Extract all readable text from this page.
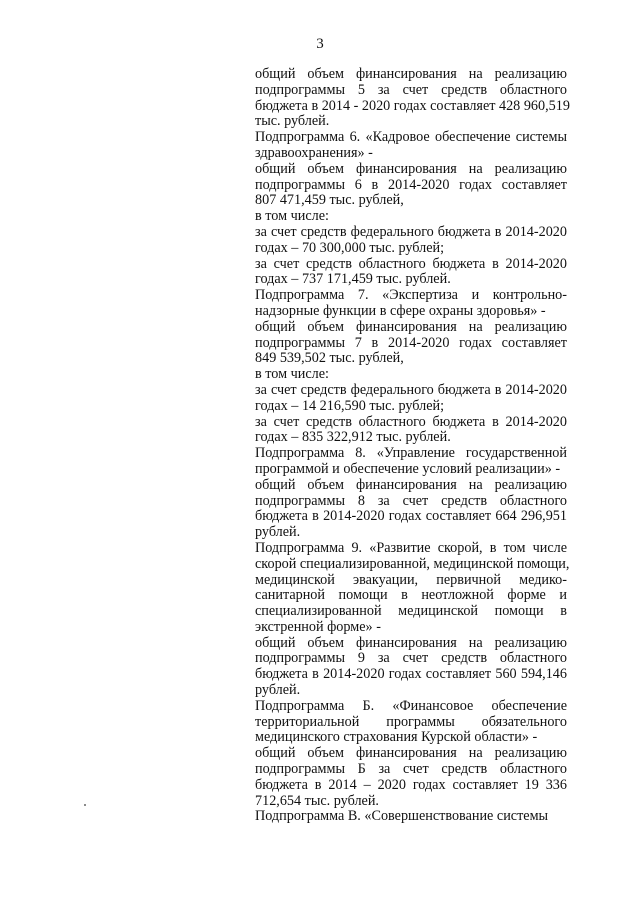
3

общий объем финансирования на реализацию
подпрограммы 5 за счет средств областного
бюджета в 2014 - 2020 годах составляет 428 960,519
тыс. рублей.

Подпрограмма 6. «Кадровое обеспечение системы
здравоохранения» -

общий объем финансирования на реализацию
подпрограммы 6 в 2014-2020 годах составляет
807 471,459 тыс. рублей,

в том числе:

за счет средств федерального бюджета в 2014-2020
годах – 70 300,000 тыс. рублей;

за счет средств областного бюджета в 2014-2020
годах – 737 171,459 тыс. рублей.

Подпрограмма 7. «Экспертиза и контрольно-
надзорные функции в сфере охраны здоровья» -

общий объем финансирования на реализацию
подпрограммы 7 в 2014-2020 годах составляет
849 539,502 тыс. рублей,

в том числе:

за счет средств федерального бюджета в 2014-2020
годах – 14 216,590 тыс. рублей;

за счет средств областного бюджета в 2014-2020
годах – 835 322,912 тыс. рублей.

Подпрограмма 8. «Управление государственной
программой и обеспечение условий реализации» -

общий объем финансирования на реализацию
подпрограммы 8 за счет средств областного
бюджета в 2014-2020 годах составляет 664 296,951
рублей.

Подпрограмма 9. «Развитие скорой, в том числе
скорой специализированной, медицинской помощи,
медицинской эвакуации, первичной медико-
санитарной помощи в неотложной форме и
специализированной медицинской помощи в
экстренной форме» -

общий объем финансирования на реализацию
подпрограммы 9 за счет средств областного
бюджета в 2014-2020 годах составляет 560 594,146
рублей.

Подпрограмма Б. «Финансовое обеспечение
территориальной программы обязательного
медицинского страхования Курской области» -

общий объем финансирования на реализацию
подпрограммы Б за счет средств областного
бюджета в 2014 – 2020 годах составляет 19 336
712,654 тыс. рублей.

Подпрограмма В. «Совершенствование системы
